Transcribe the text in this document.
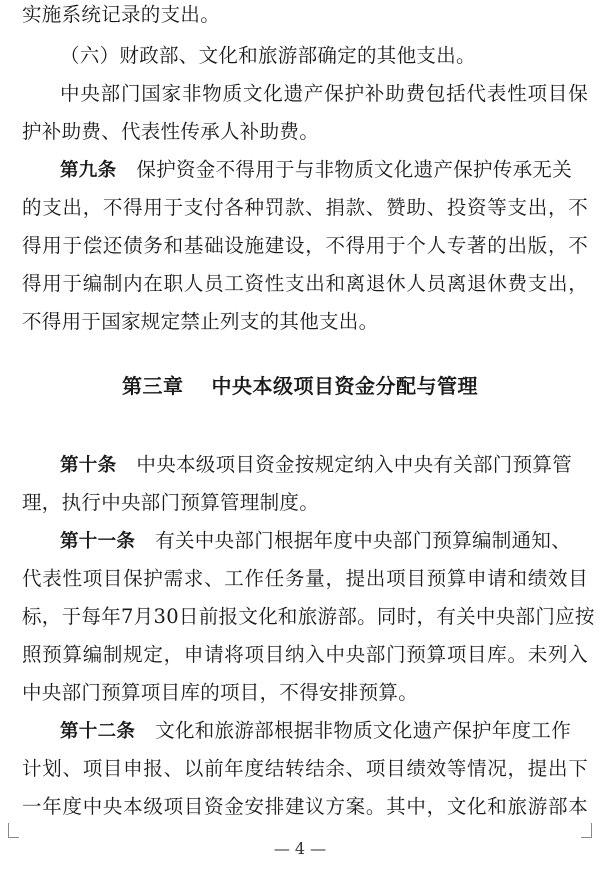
实施系统记录的支出。
（六）财政部、文化和旅游部确定的其他支出。
中央部门国家非物质文化遗产保护补助费包括代表性项目保
护补助费、代表性传承人补助费。
第九条 保护资金不得用于与非物质文化遗产保护传承无关
的支出，不得用于支付各种罚款、捐款、赞助、投资等支出，不
得用于偿还债务和基础设施建设，不得用于个人专著的出版，不
得用于编制内在职人员工资性支出和离退休人员离退休费支出，
不得用于国家规定禁止列支的其他支出。
第三章 中央本级项目资金分配与管理
第十条 中央本级项目资金按规定纳入中央有关部门预算管
理，执行中央部门预算管理制度。
第十一条 有关中央部门根据年度中央部门预算编制通知、
代表性项目保护需求、工作任务量，提出项目预算申请和绩效目
标，于每年7月30日前报文化和旅游部。同时，有关中央部门应按
照预算编制规定，申请将项目纳入中央部门预算项目库。未列入
中央部门预算项目库的项目，不得安排预算。
第十二条 文化和旅游部根据非物质文化遗产保护年度工作
计划、项目申报、以前年度结转结余、项目绩效等情况，提出下
一年度中央本级项目资金安排建议方案。其中，文化和旅游部本
— 4 —
